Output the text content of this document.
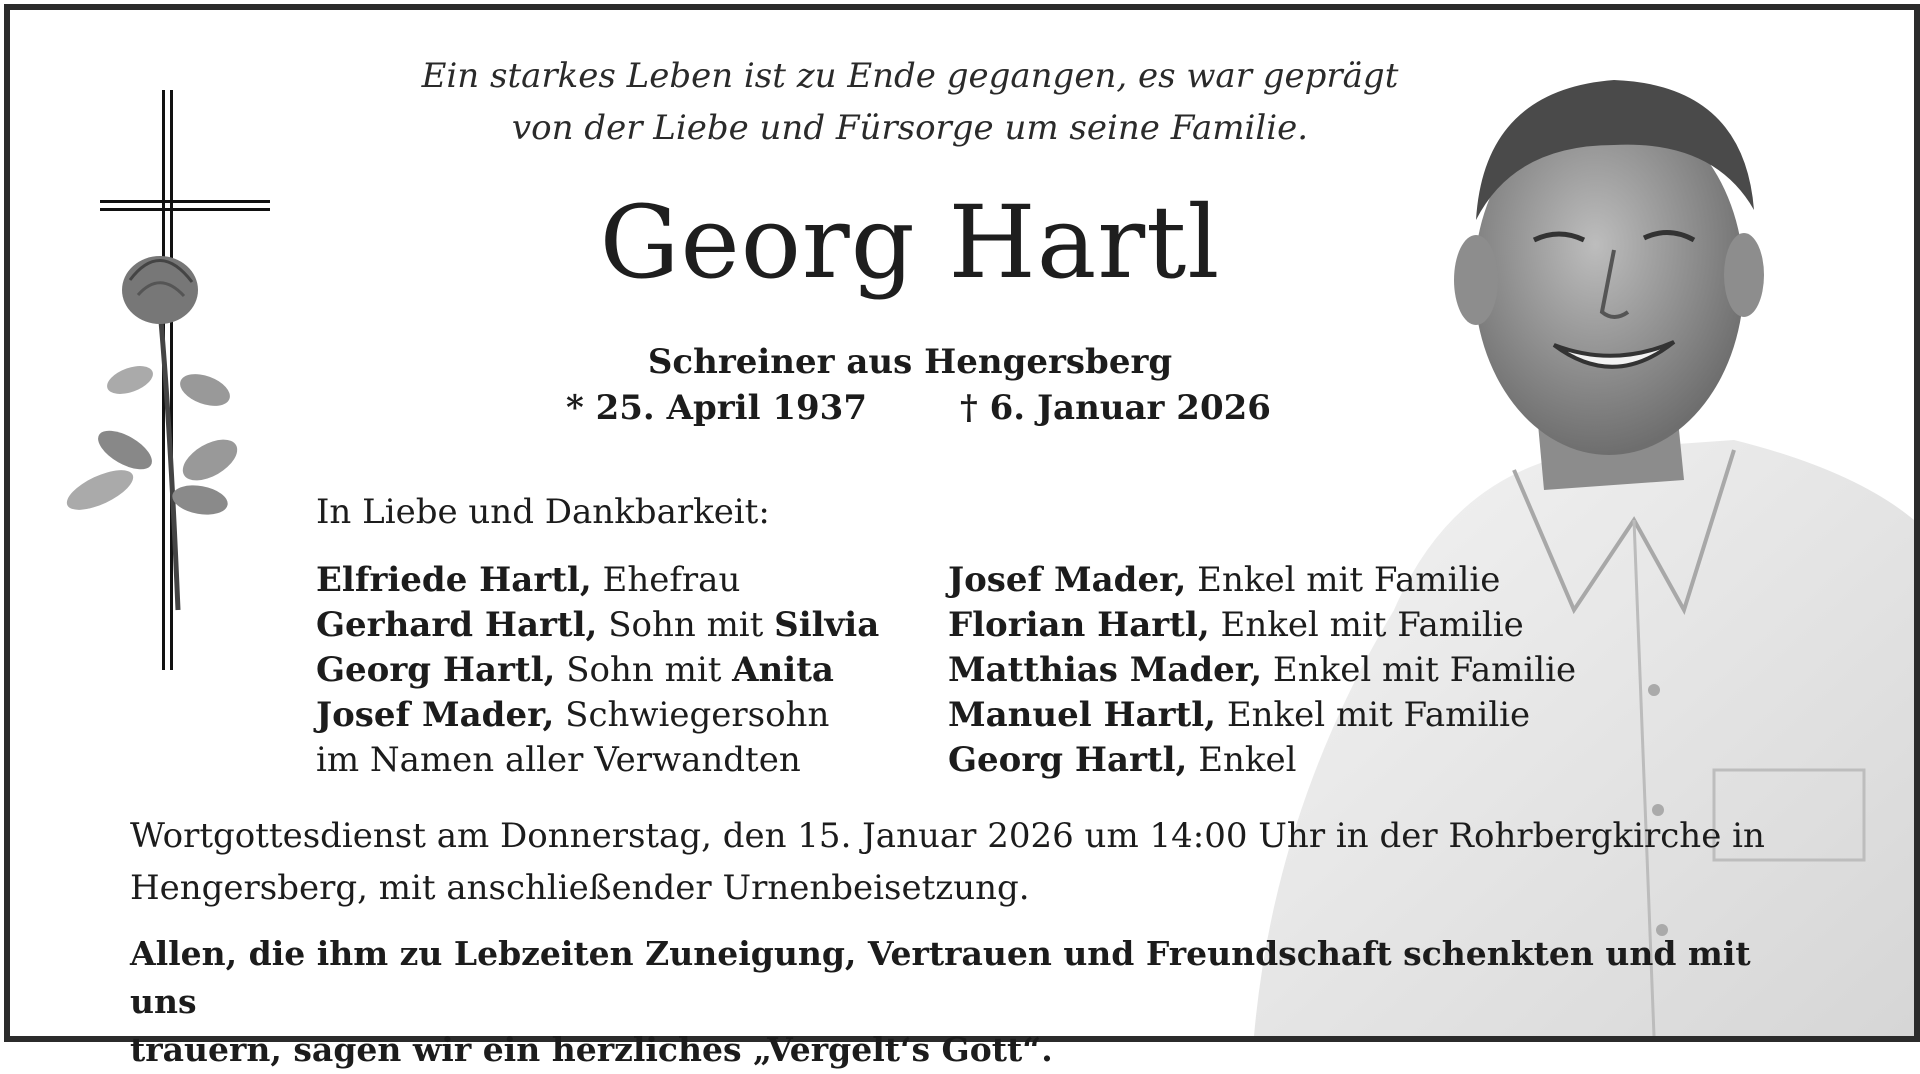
Ein starkes Leben ist zu Ende gegangen, es war geprägt
von der Liebe und Fürsorge um seine Familie.
Georg Hartl
Schreiner aus Hengersberg
* 25. April 1937	† 6. Januar 2026
In Liebe und Dankbarkeit:
Elfriede Hartl, Ehefrau
Gerhard Hartl, Sohn mit Silvia
Georg Hartl, Sohn mit Anita
Josef Mader, Schwiegersohn
im Namen aller Verwandten
Josef Mader, Enkel mit Familie
Florian Hartl, Enkel mit Familie
Matthias Mader, Enkel mit Familie
Manuel Hartl, Enkel mit Familie
Georg Hartl, Enkel
Wortgottesdienst am Donnerstag, den 15. Januar 2026 um 14:00 Uhr in der Rohrbergkirche in
Hengersberg, mit anschließender Urnenbeisetzung.
Allen, die ihm zu Lebzeiten Zuneigung, Vertrauen und Freundschaft schenkten und mit uns
trauern, sagen wir ein herzliches „Vergelt‘s Gott“.
